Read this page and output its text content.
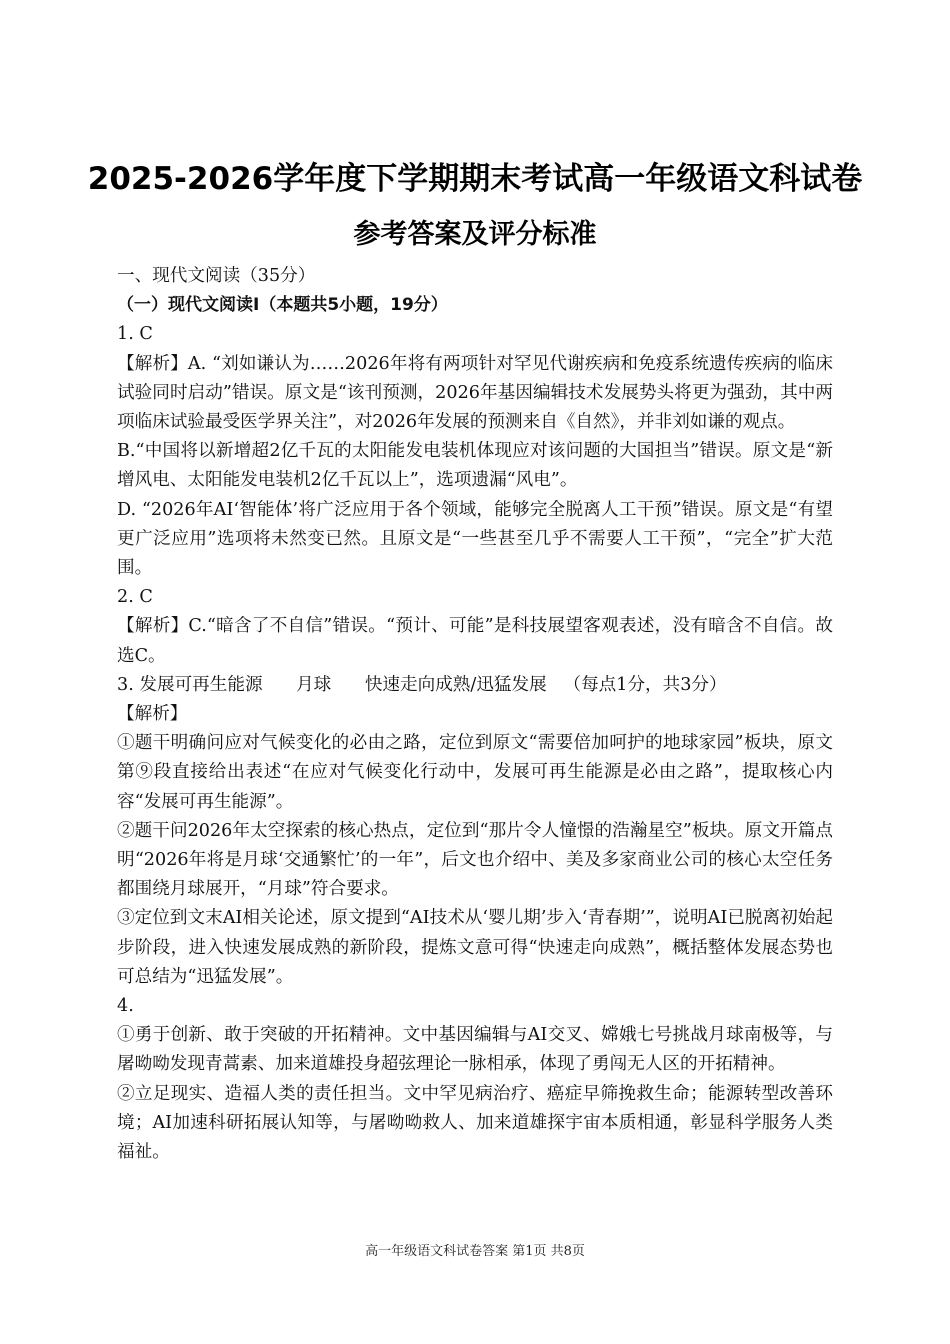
2025-2026学年度下学期期末考试高一年级语文科试卷
参考答案及评分标准

一、现代文阅读（35分）

（一）现代文阅读Ⅰ（本题共5小题，19分）

1. C

【解析】A. “刘如谦认为……2026年将有两项针对罕见代谢疾病和免疫系统遗传疾病的临床试验同时启动”错误。原文是“该刊预测，2026年基因编辑技术发展势头将更为强劲，其中两项临床试验最受医学界关注”，对2026年发展的预测来自《自然》，并非刘如谦的观点。

B.“中国将以新增超2亿千瓦的太阳能发电装机体现应对该问题的大国担当”错误。原文是“新增风电、太阳能发电装机2亿千瓦以上”，选项遗漏“风电”。

D. “2026年AI‘智能体’将广泛应用于各个领域，能够完全脱离人工干预”错误。原文是“有望更广泛应用”选项将未然变已然。且原文是“一些甚至几乎不需要人工干预”，“完全”扩大范围。

2. C

【解析】C.“暗含了不自信”错误。“预计、可能”是科技展望客观表述，没有暗含不自信。故选C。

3. 发展可再生能源      月球      快速走向成熟/迅猛发展   （每点1分，共3分）

【解析】

①题干明确问应对气候变化的必由之路，定位到原文“需要倍加呵护的地球家园”板块，原文第⑨段直接给出表述“在应对气候变化行动中，发展可再生能源是必由之路”，提取核心内容“发展可再生能源”。

②题干问2026年太空探索的核心热点，定位到“那片令人憧憬的浩瀚星空”板块。原文开篇点明“2026年将是月球‘交通繁忙’的一年”，后文也介绍中、美及多家商业公司的核心太空任务都围绕月球展开，“月球”符合要求。

③定位到文末AI相关论述，原文提到“AI技术从‘婴儿期’步入‘青春期’”，说明AI已脱离初始起步阶段，进入快速发展成熟的新阶段，提炼文意可得“快速走向成熟”，概括整体发展态势也可总结为“迅猛发展”。

4.

①勇于创新、敢于突破的开拓精神。文中基因编辑与AI交叉、嫦娥七号挑战月球南极等，与屠呦呦发现青蒿素、加来道雄投身超弦理论一脉相承，体现了勇闯无人区的开拓精神。

②立足现实、造福人类的责任担当。文中罕见病治疗、癌症早筛挽救生命；能源转型改善环境；AI加速科研拓展认知等，与屠呦呦救人、加来道雄探宇宙本质相通，彰显科学服务人类福祉。

高一年级语文科试卷答案 第1页 共8页
